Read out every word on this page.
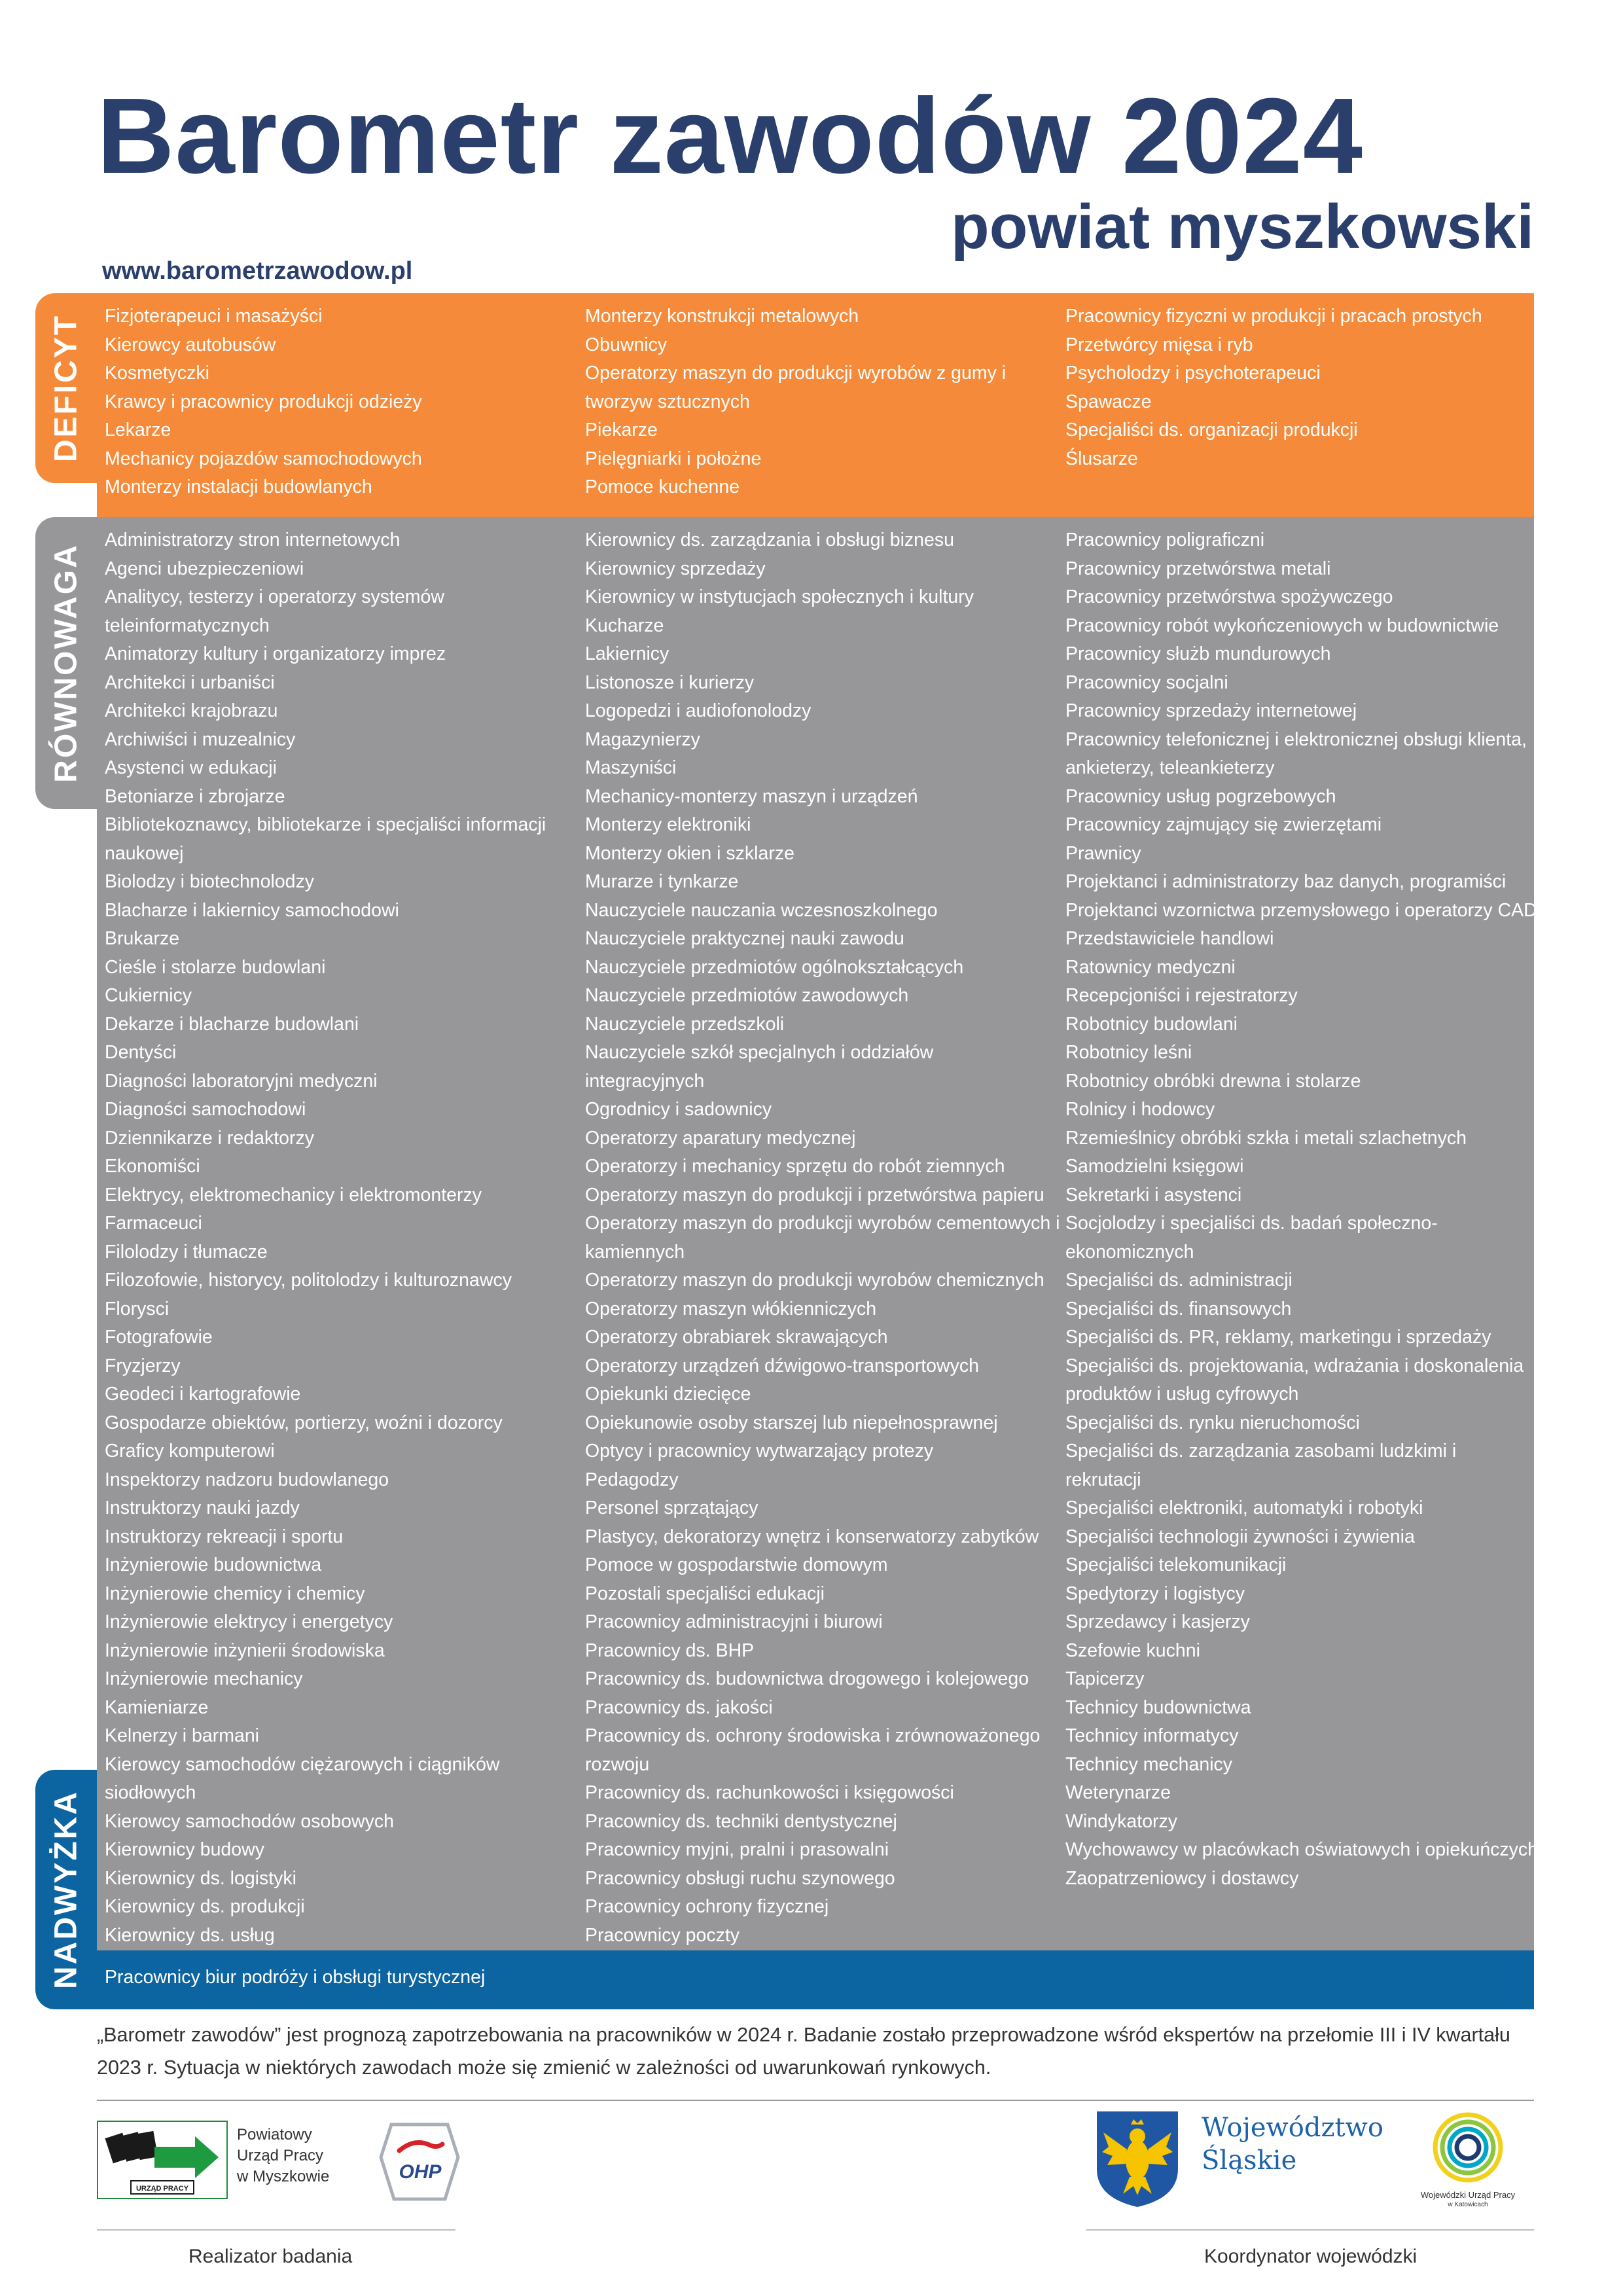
Barometr zawodów 2024
powiat myszkowski
www.barometrzawodow.pl
DEFICYT
RÓWNOWAGA
NADWYŻKA
Fizjoterapeuci i masażyści
Kierowcy autobusów
Kosmetyczki
Krawcy i pracownicy produkcji odzieży
Lekarze
Mechanicy pojazdów samochodowych
Monterzy instalacji budowlanych
Monterzy konstrukcji metalowych
Obuwnicy
Operatorzy maszyn do produkcji wyrobów z gumy i
tworzyw sztucznych
Piekarze
Pielęgniarki i położne
Pomoce kuchenne
Pracownicy fizyczni w produkcji i pracach prostych
Przetwórcy mięsa i ryb
Psycholodzy i psychoterapeuci
Spawacze
Specjaliści ds. organizacji produkcji
Ślusarze
Administratorzy stron internetowych
Agenci ubezpieczeniowi
Analitycy, testerzy i operatorzy systemów
teleinformatycznych
Animatorzy kultury i organizatorzy imprez
Architekci i urbaniści
Architekci krajobrazu
Archiwiści i muzealnicy
Asystenci w edukacji
Betoniarze i zbrojarze
Bibliotekoznawcy, bibliotekarze i specjaliści informacji
naukowej
Biolodzy i biotechnolodzy
Blacharze i lakiernicy samochodowi
Brukarze
Cieśle i stolarze budowlani
Cukiernicy
Dekarze i blacharze budowlani
Dentyści
Diagności laboratoryjni medyczni
Diagności samochodowi
Dziennikarze i redaktorzy
Ekonomiści
Elektrycy, elektromechanicy i elektromonterzy
Farmaceuci
Filolodzy i tłumacze
Filozofowie, historycy, politolodzy i kulturoznawcy
Florysci
Fotografowie
Fryzjerzy
Geodeci i kartografowie
Gospodarze obiektów, portierzy, woźni i dozorcy
Graficy komputerowi
Inspektorzy nadzoru budowlanego
Instruktorzy nauki jazdy
Instruktorzy rekreacji i sportu
Inżynierowie budownictwa
Inżynierowie chemicy i chemicy
Inżynierowie elektrycy i energetycy
Inżynierowie inżynierii środowiska
Inżynierowie mechanicy
Kamieniarze
Kelnerzy i barmani
Kierowcy samochodów ciężarowych i ciągników
siodłowych
Kierowcy samochodów osobowych
Kierownicy budowy
Kierownicy ds. logistyki
Kierownicy ds. produkcji
Kierownicy ds. usług
Kierownicy ds. zarządzania i obsługi biznesu
Kierownicy sprzedaży
Kierownicy w instytucjach społecznych i kultury
Kucharze
Lakiernicy
Listonosze i kurierzy
Logopedzi i audiofonolodzy
Magazynierzy
Maszyniści
Mechanicy-monterzy maszyn i urządzeń
Monterzy elektroniki
Monterzy okien i szklarze
Murarze i tynkarze
Nauczyciele nauczania wczesnoszkolnego
Nauczyciele praktycznej nauki zawodu
Nauczyciele przedmiotów ogólnokształcących
Nauczyciele przedmiotów zawodowych
Nauczyciele przedszkoli
Nauczyciele szkół specjalnych i oddziałów
integracyjnych
Ogrodnicy i sadownicy
Operatorzy aparatury medycznej
Operatorzy i mechanicy sprzętu do robót ziemnych
Operatorzy maszyn do produkcji i przetwórstwa papieru
Operatorzy maszyn do produkcji wyrobów cementowych i
kamiennych
Operatorzy maszyn do produkcji wyrobów chemicznych
Operatorzy maszyn włókienniczych
Operatorzy obrabiarek skrawających
Operatorzy urządzeń dźwigowo-transportowych
Opiekunki dziecięce
Opiekunowie osoby starszej lub niepełnosprawnej
Optycy i pracownicy wytwarzający protezy
Pedagodzy
Personel sprzątający
Plastycy, dekoratorzy wnętrz i konserwatorzy zabytków
Pomoce w gospodarstwie domowym
Pozostali specjaliści edukacji
Pracownicy administracyjni i biurowi
Pracownicy ds. BHP
Pracownicy ds. budownictwa drogowego i kolejowego
Pracownicy ds. jakości
Pracownicy ds. ochrony środowiska i zrównoważonego
rozwoju
Pracownicy ds. rachunkowości i księgowości
Pracownicy ds. techniki dentystycznej
Pracownicy myjni, pralni i prasowalni
Pracownicy obsługi ruchu szynowego
Pracownicy ochrony fizycznej
Pracownicy poczty
Pracownicy poligraficzni
Pracownicy przetwórstwa metali
Pracownicy przetwórstwa spożywczego
Pracownicy robót wykończeniowych w budownictwie
Pracownicy służb mundurowych
Pracownicy socjalni
Pracownicy sprzedaży internetowej
Pracownicy telefonicznej i elektronicznej obsługi klienta,
ankieterzy, teleankieterzy
Pracownicy usług pogrzebowych
Pracownicy zajmujący się zwierzętami
Prawnicy
Projektanci i administratorzy baz danych, programiści
Projektanci wzornictwa przemysłowego i operatorzy CAD
Przedstawiciele handlowi
Ratownicy medyczni
Recepcjoniści i rejestratorzy
Robotnicy budowlani
Robotnicy leśni
Robotnicy obróbki drewna i stolarze
Rolnicy i hodowcy
Rzemieślnicy obróbki szkła i metali szlachetnych
Samodzielni księgowi
Sekretarki i asystenci
Socjolodzy i specjaliści ds. badań społeczno-
ekonomicznych
Specjaliści ds. administracji
Specjaliści ds. finansowych
Specjaliści ds. PR, reklamy, marketingu i sprzedaży
Specjaliści ds. projektowania, wdrażania i doskonalenia
produktów i usług cyfrowych
Specjaliści ds. rynku nieruchomości
Specjaliści ds. zarządzania zasobami ludzkimi i
rekrutacji
Specjaliści elektroniki, automatyki i robotyki
Specjaliści technologii żywności i żywienia
Specjaliści telekomunikacji
Spedytorzy i logistycy
Sprzedawcy i kasjerzy
Szefowie kuchni
Tapicerzy
Technicy budownictwa
Technicy informatycy
Technicy mechanicy
Weterynarze
Windykatorzy
Wychowawcy w placówkach oświatowych i opiekuńczych
Zaopatrzeniowcy i dostawcy
Pracownicy biur podróży i obsługi turystycznej
„Barometr zawodów” jest prognozą zapotrzebowania na pracowników w 2024 r. Badanie zostało przeprowadzone wśród ekspertów na przełomie III i IV kwartału 2023 r. Sytuacja w niektórych zawodach może się zmienić w zależności od uwarunkowań rynkowych.
URZĄD PRACY
Powiatowy
Urząd Pracy
w Myszkowie	OHP
Województwo
Śląskie
Wojewódzki Urząd Pracy
w Katowicach
Realizator badania	Koordynator wojewódzki
